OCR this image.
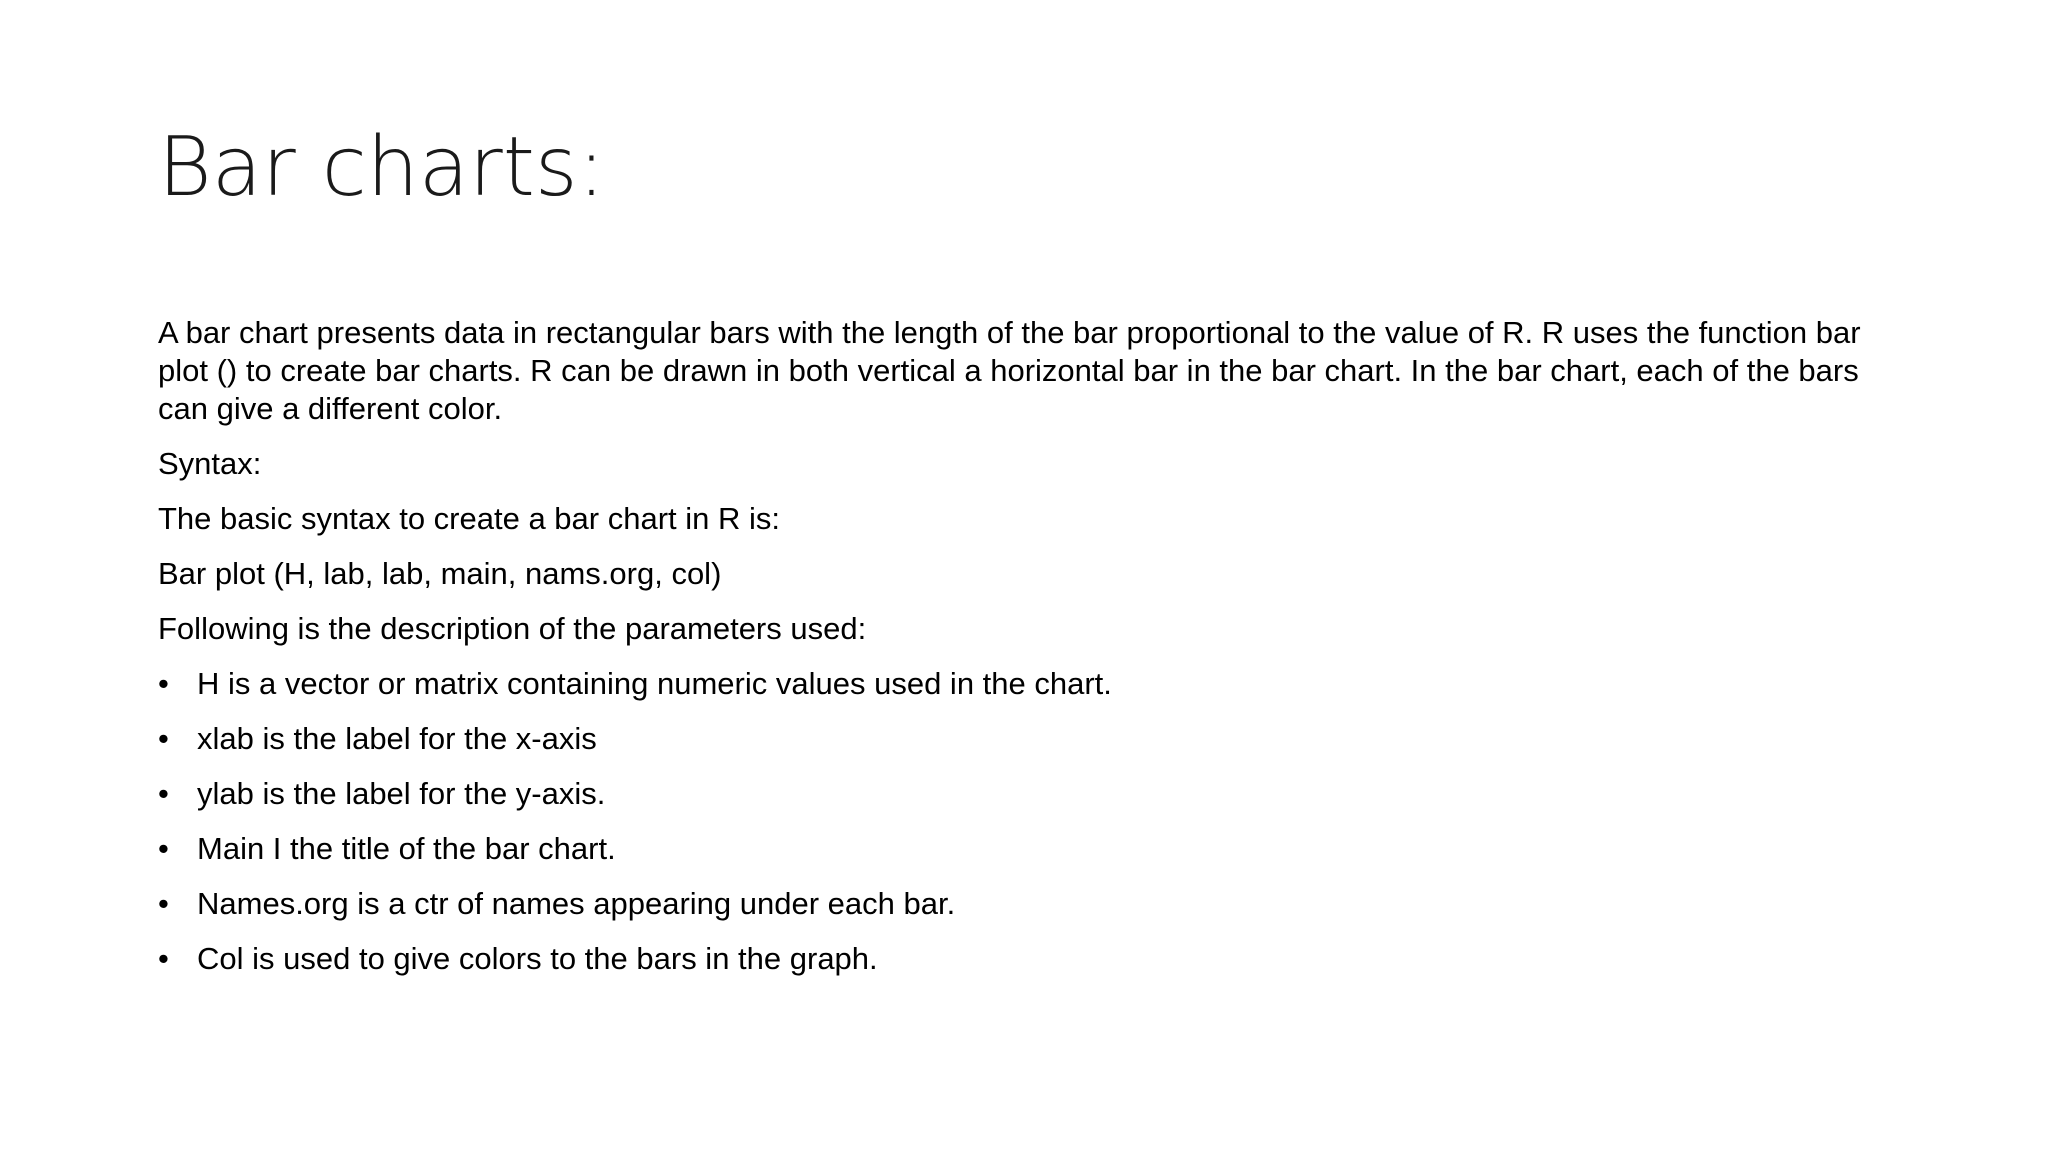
Bar charts:

A bar chart presents data in rectangular bars with the length of the bar proportional to the value of R. R uses the function bar plot () to create bar charts. R can be drawn in both vertical a horizontal bar in the bar chart. In the bar chart, each of the bars can give a different color.

Syntax:

The basic syntax to create a bar chart in R is:

Bar plot (H, lab, lab, main, nams.org, col)

Following is the description of the parameters used:

• H is a vector or matrix containing numeric values used in the chart.
• xlab is the label for the x-axis
• ylab is the label for the y-axis.
• Main I the title of the bar chart.
• Names.org is a ctr of names appearing under each bar.
• Col is used to give colors to the bars in the graph.
